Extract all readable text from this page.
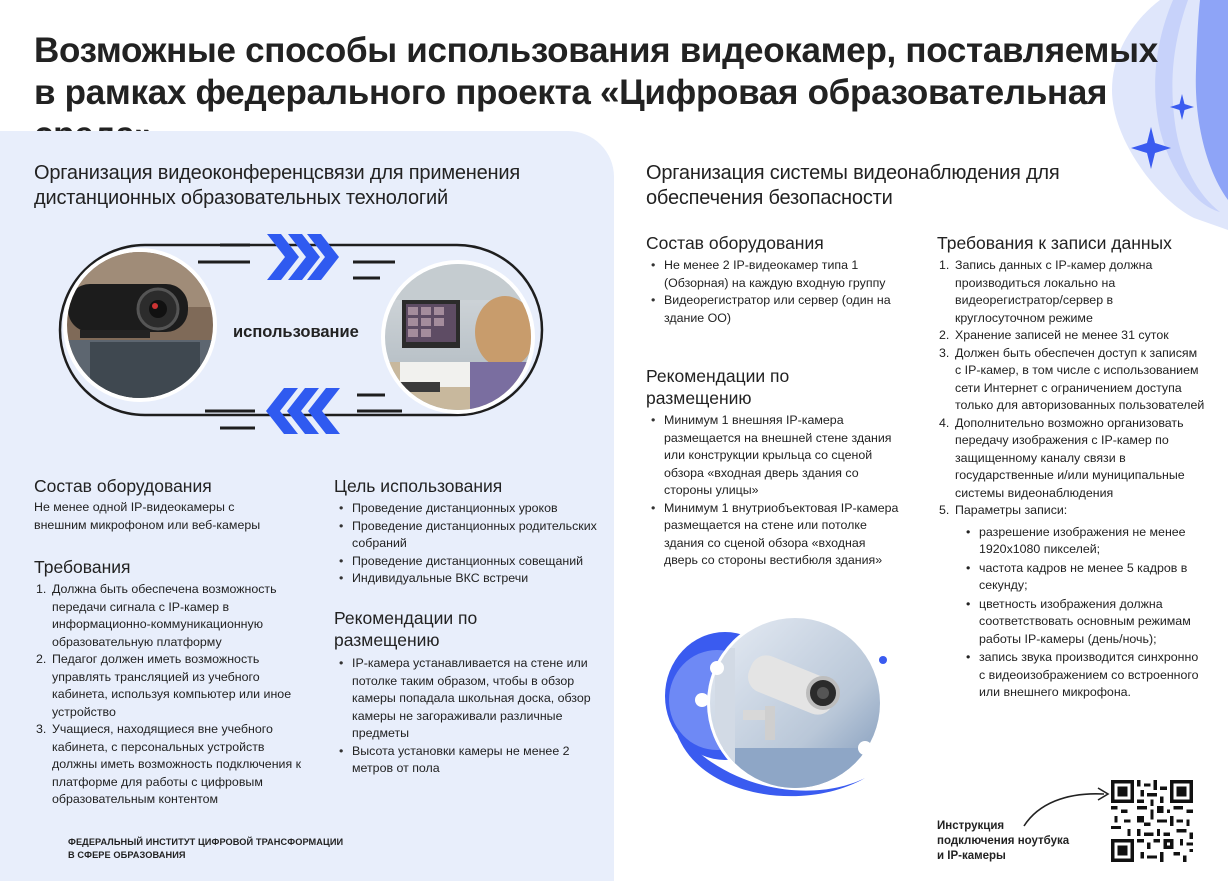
Возможные способы использования видеокамер, поставляемых в рамках федерального проекта «Цифровая образовательная
Организация видеоконференцсвязи для применения дистанционных образовательных технологий
использование
Состав оборудования
Не менее одной IP-видеокамеры с внешним микрофоном или веб-камеры
Требования
1. Должна быть обеспечена возможность передачи сигнала с IP-камер в информационно-коммуникационную образовательную платформу
2. Педагог должен иметь возможность управлять трансляцией из учебного кабинета, используя компьютер или иное устройство
3. Учащиеся, находящиеся вне учебного кабинета, с персональных устройств должны иметь возможность подключения к платформе для работы с цифровым образовательным контентом
Цель использования
• Проведение дистанционных уроков
• Проведение дистанционных родительских собраний
• Проведение дистанционных совещаний
• Индивидуальные ВКС встречи
Рекомендации по размещению
• IP-камера устанавливается на стене или потолке таким образом, чтобы в обзор камеры попадала школьная доска, обзор камеры не загораживали различные предметы
• Высота установки камеры не менее 2 метров от пола
ФЕДЕРАЛЬНЫЙ ИНСТИТУТ ЦИФРОВОЙ ТРАНСФОРМАЦИИ
В СФЕРЕ ОБРАЗОВАНИЯ
Организация системы видеонаблюдения для обеспечения безопасности
Состав оборудования
• Не менее 2 IP-видеокамер типа 1 (Обзорная) на каждую входную группу
• Видеорегистратор или сервер (один на здание ОО)
Рекомендации по размещению
• Минимум 1 внешняя IP-камера размещается на внешней стене здания или конструкции крыльца со сценой обзора «входная дверь здания со стороны улицы»
• Минимум 1 внутриобъектовая IP-камера размещается на стене или потолке здания со сценой обзора «входная дверь со стороны вестибюля здания»
Требования к записи данных
1. Запись данных с IP-камер должна производиться локально на видеорегистратор/сервер в круглосуточном режиме
2. Хранение записей не менее 31 суток
3. Должен быть обеспечен доступ к записям с IP-камер, в том числе с использованием сети Интернет с ограничением доступа только для авторизованных пользователей
4. Дополнительно возможно организовать передачу изображения с IP-камер по защищенному каналу связи в государственные и/или муниципальные системы видеонаблюдения
5. Параметры записи:
• разрешение изображения не менее 1920x1080 пикселей;
• частота кадров не менее 5 кадров в секунду;
• цветность изображения должна соответствовать основным режимам работы IP-камеры (день/ночь);
• запись звука производится синхронно с видеоизображением со встроенного или внешнего микрофона.
Инструкция
подключения ноутбука
и IP-камеры
